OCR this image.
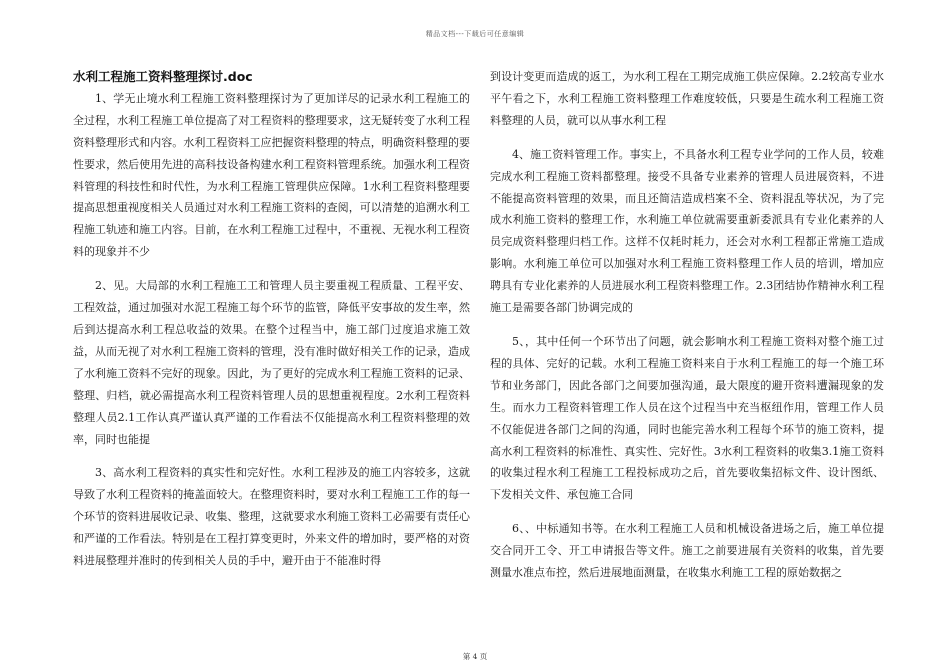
精品文档---下载后可任意编辑
水利工程施工资料整理探讨.doc

1、学无止境水利工程施工资料整理探讨为了更加详尽的记录水利工程施工的全过程，水利工程施工单位提高了对工程资料的整理要求，这无疑转变了水利工程资料整理形式和内容。水利工程资料工应把握资料整理的特点，明确资料整理的要性要求，然后使用先进的高科技设备构建水利工程资料管理系统。加强水利工程资料管理的科技性和时代性，为水利工程施工管理供应保障。1水利工程资料整理要提高思想重视度相关人员通过对水利工程施工资料的查阅，可以清楚的追溯水利工程施工轨迹和施工内容。目前，在水利工程施工过程中，不重视、无视水利工程资料的现象并不少

2、见。大局部的水利工程施工工和管理人员主要重视工程质量、工程平安、工程效益，通过加强对水泥工程施工每个环节的监管，降低平安事故的发生率，然后到达提高水利工程总收益的效果。在整个过程当中，施工部门过度追求施工效益，从而无视了对水利工程施工资料的管理，没有准时做好相关工作的记录，造成了水利施工资料不完好的现象。因此，为了更好的完成水利工程施工资料的记录、整理、归档，就必需提高水利工程资料管理人员的思想重视程度。2水利工程资料整理人员2.1工作认真严谨认真严谨的工作看法不仅能提高水利工程资料整理的效率，同时也能提

3、高水利工程资料的真实性和完好性。水利工程涉及的施工内容较多，这就导致了水利工程资料的掩盖面较大。在整理资料时，要对水利工程施工工作的每一个环节的资料进展收记录、收集、整理，这就要求水利施工资料工必需要有责任心和严谨的工作看法。特别是在工程打算变更时，外来文件的增加时，要严格的对资料进展整理并准时的传到相关人员的手中，避开由于不能准时得

到设计变更而造成的返工，为水利工程在工期完成施工供应保障。2.2较高专业水平午看之下，水利工程施工资料整理工作难度较低，只要是生疏水利工程施工资料整理的人员，就可以从事水利工程

4、施工资料管理工作。事实上，不具备水利工程专业学问的工作人员，较难完成水利工程施工资料都整理。接受不具备专业素养的管理人员进展资料，不进不能提高资料管理的效果，而且还简洁造成档案不全、资料混乱等状况，为了完成水利施工资料的整理工作，水利施工单位就需要重新委派具有专业化素养的人员完成资料整理归档工作。这样不仅耗时耗力，还会对水利工程都正常施工造成影响。水利施工单位可以加强对水利工程施工资料整理工作人员的培训，增加应聘具有专业化素养的人员进展水利工程资料整理工作。2.3团结协作精神水利工程施工是需要各部门协调完成的

5、，其中任何一个环节出了问题，就会影响水利工程施工资料对整个施工过程的具体、完好的记载。水利工程施工资料来自于水利工程施工的每一个施工环节和业务部门，因此各部门之间要加强沟通，最大限度的避开资料遭漏现象的发生。而水力工程资料管理工作人员在这个过程当中充当枢纽作用，管理工作人员不仅能促进各部门之间的沟通，同时也能完善水利工程每个环节的施工资料，提高水利工程资料的标准性、真实性、完好性。3水利工程资料的收集3.1施工资料的收集过程水利工程施工工程投标成功之后，首先要收集招标文件、设计图纸、下发相关文件、承包施工合同

6、、中标通知书等。在水利工程施工人员和机械设备进场之后，施工单位提交合同开工令、开工申请报告等文件。施工之前要进展有关资料的收集，首先要测量水准点布控，然后进展地面测量，在收集水利施工工程的原始数据之

第 4 页
